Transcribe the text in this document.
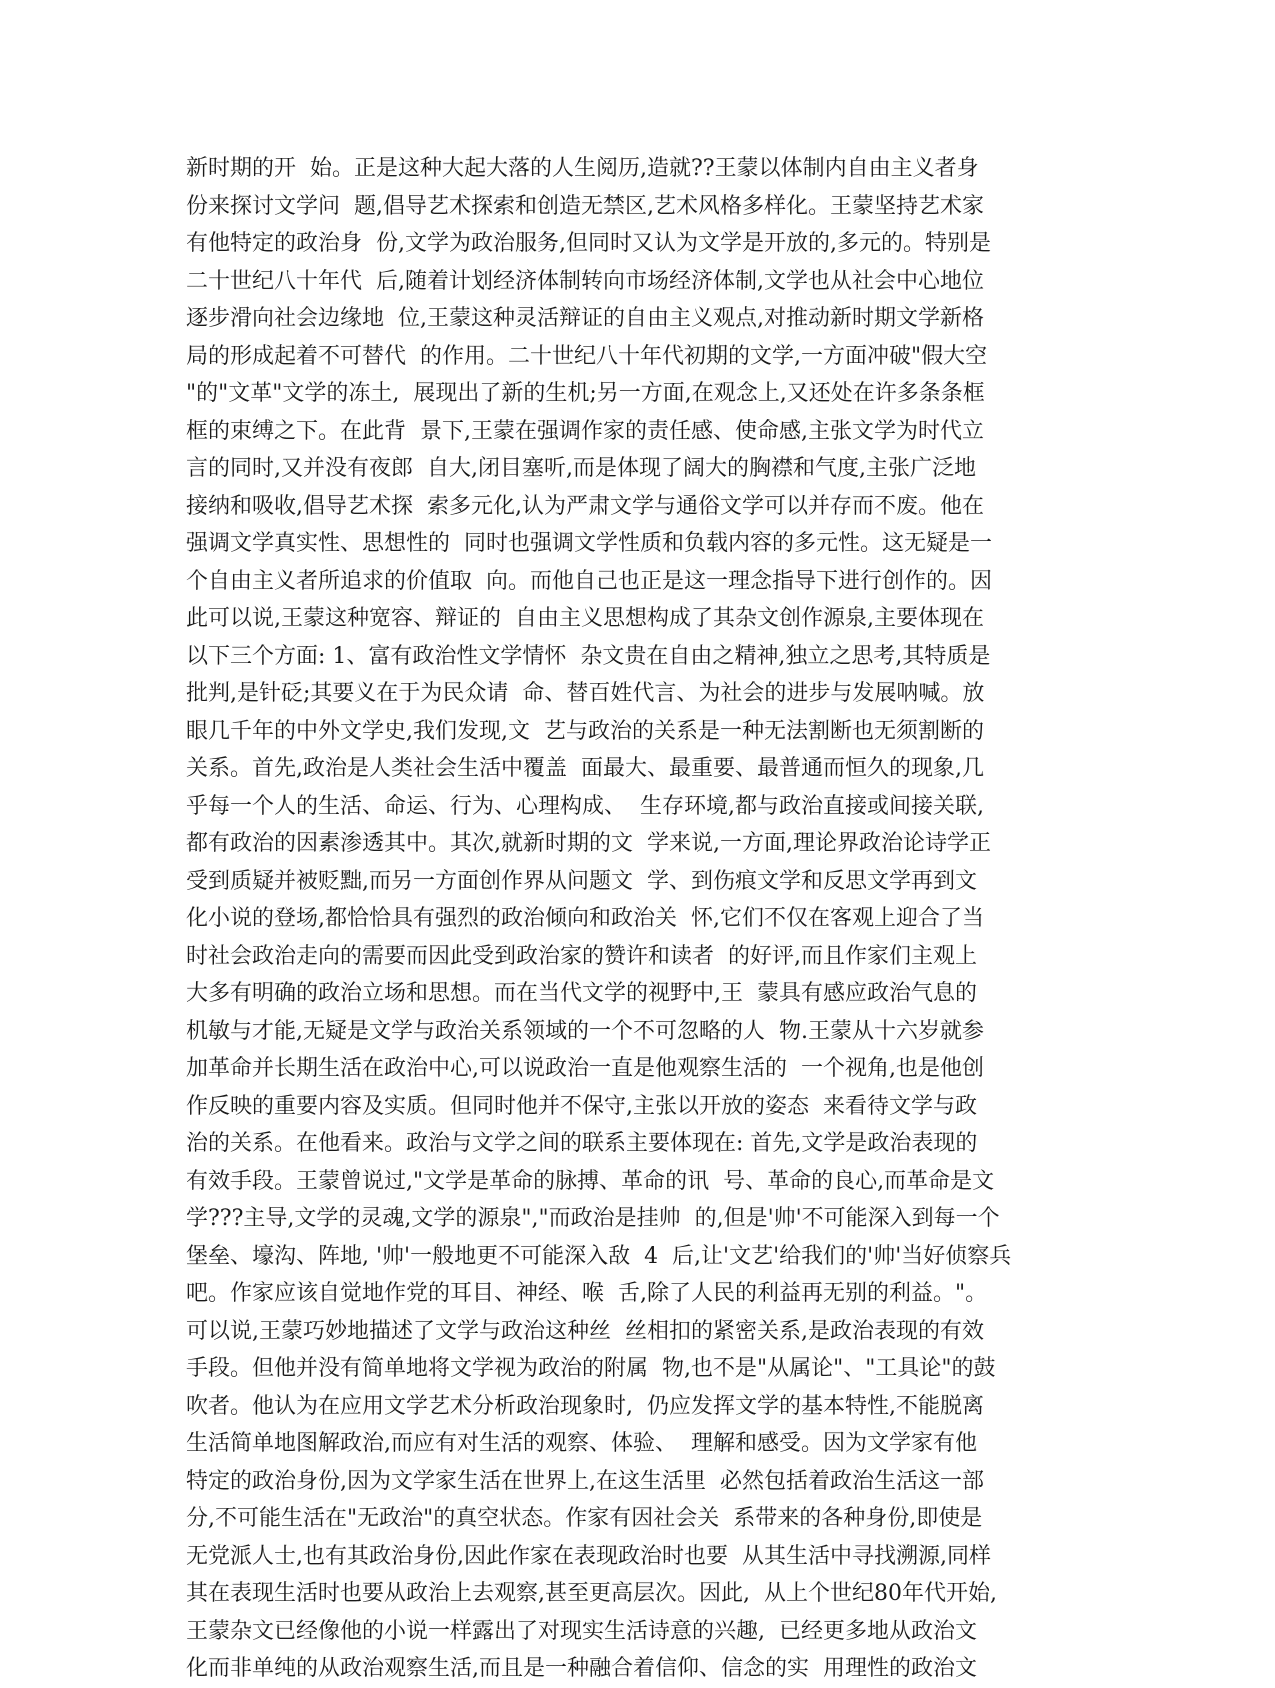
新时期的开  始。正是这种大起大落的人生阅历,造就??王蒙以体制内自由主义者身
份来探讨文学问  题,倡导艺术探索和创造无禁区,艺术风格多样化。王蒙坚持艺术家
有他特定的政治身  份,文学为政治服务,但同时又认为文学是开放的,多元的。特别是
二十世纪八十年代  后,随着计划经济体制转向市场经济体制,文学也从社会中心地位
逐步滑向社会边缘地  位,王蒙这种灵活辩证的自由主义观点,对推动新时期文学新格
局的形成起着不可替代  的作用。二十世纪八十年代初期的文学,一方面冲破"假大空
"的"文革"文学的冻土,  展现出了新的生机;另一方面,在观念上,又还处在许多条条框
框的束缚之下。在此背  景下,王蒙在强调作家的责任感、使命感,主张文学为时代立
言的同时,又并没有夜郎  自大,闭目塞听,而是体现了阔大的胸襟和气度,主张广泛地
接纳和吸收,倡导艺术探  索多元化,认为严肃文学与通俗文学可以并存而不废。他在
强调文学真实性、思想性的  同时也强调文学性质和负载内容的多元性。这无疑是一
个自由主义者所追求的价值取  向。而他自己也正是这一理念指导下进行创作的。因
此可以说,王蒙这种宽容、辩证的  自由主义思想构成了其杂文创作源泉,主要体现在
以下三个方面: 1、富有政治性文学情怀  杂文贵在自由之精神,独立之思考,其特质是
批判,是针砭;其要义在于为民众请  命、替百姓代言、为社会的进步与发展呐喊。放
眼几千年的中外文学史,我们发现,文  艺与政治的关系是一种无法割断也无须割断的
关系。首先,政治是人类社会生活中覆盖  面最大、最重要、最普通而恒久的现象,几
乎每一个人的生活、命运、行为、心理构成、  生存环境,都与政治直接或间接关联,
都有政治的因素渗透其中。其次,就新时期的文  学来说,一方面,理论界政治论诗学正
受到质疑并被贬黜,而另一方面创作界从问题文  学、到伤痕文学和反思文学再到文
化小说的登场,都恰恰具有强烈的政治倾向和政治关  怀,它们不仅在客观上迎合了当
时社会政治走向的需要而因此受到政治家的赞许和读者  的好评,而且作家们主观上
大多有明确的政治立场和思想。而在当代文学的视野中,王  蒙具有感应政治气息的
机敏与才能,无疑是文学与政治关系领域的一个不可忽略的人  物.王蒙从十六岁就参
加革命并长期生活在政治中心,可以说政治一直是他观察生活的  一个视角,也是他创
作反映的重要内容及实质。但同时他并不保守,主张以开放的姿态  来看待文学与政
治的关系。在他看来。政治与文学之间的联系主要体现在: 首先,文学是政治表现的
有效手段。王蒙曾说过,"文学是革命的脉搏、革命的讯  号、革命的良心,而革命是文
学???主导,文学的灵魂,文学的源泉","而政治是挂帅  的,但是'帅'不可能深入到每一个
堡垒、壕沟、阵地, '帅'一般地更不可能深入敌  4  后,让'文艺'给我们的'帅'当好侦察兵
吧。作家应该自觉地作党的耳目、神经、喉  舌,除了人民的利益再无别的利益。"。
可以说,王蒙巧妙地描述了文学与政治这种丝  丝相扣的紧密关系,是政治表现的有效
手段。但他并没有简单地将文学视为政治的附属  物,也不是"从属论"、"工具论"的鼓
吹者。他认为在应用文学艺术分析政治现象时,  仍应发挥文学的基本特性,不能脱离
生活简单地图解政治,而应有对生活的观察、体验、  理解和感受。因为文学家有他
特定的政治身份,因为文学家生活在世界上,在这生活里  必然包括着政治生活这一部
分,不可能生活在"无政治"的真空状态。作家有因社会关  系带来的各种身份,即使是
无党派人士,也有其政治身份,因此作家在表现政治时也要  从其生活中寻找溯源,同样
其在表现生活时也要从政治上去观察,甚至更高层次。因此,  从上个世纪80年代开始,
王蒙杂文已经像他的小说一样露出了对现实生活诗意的兴趣,  已经更多地从政治文
化而非单纯的从政治观察生活,而且是一种融合着信仰、信念的实  用理性的政治文
